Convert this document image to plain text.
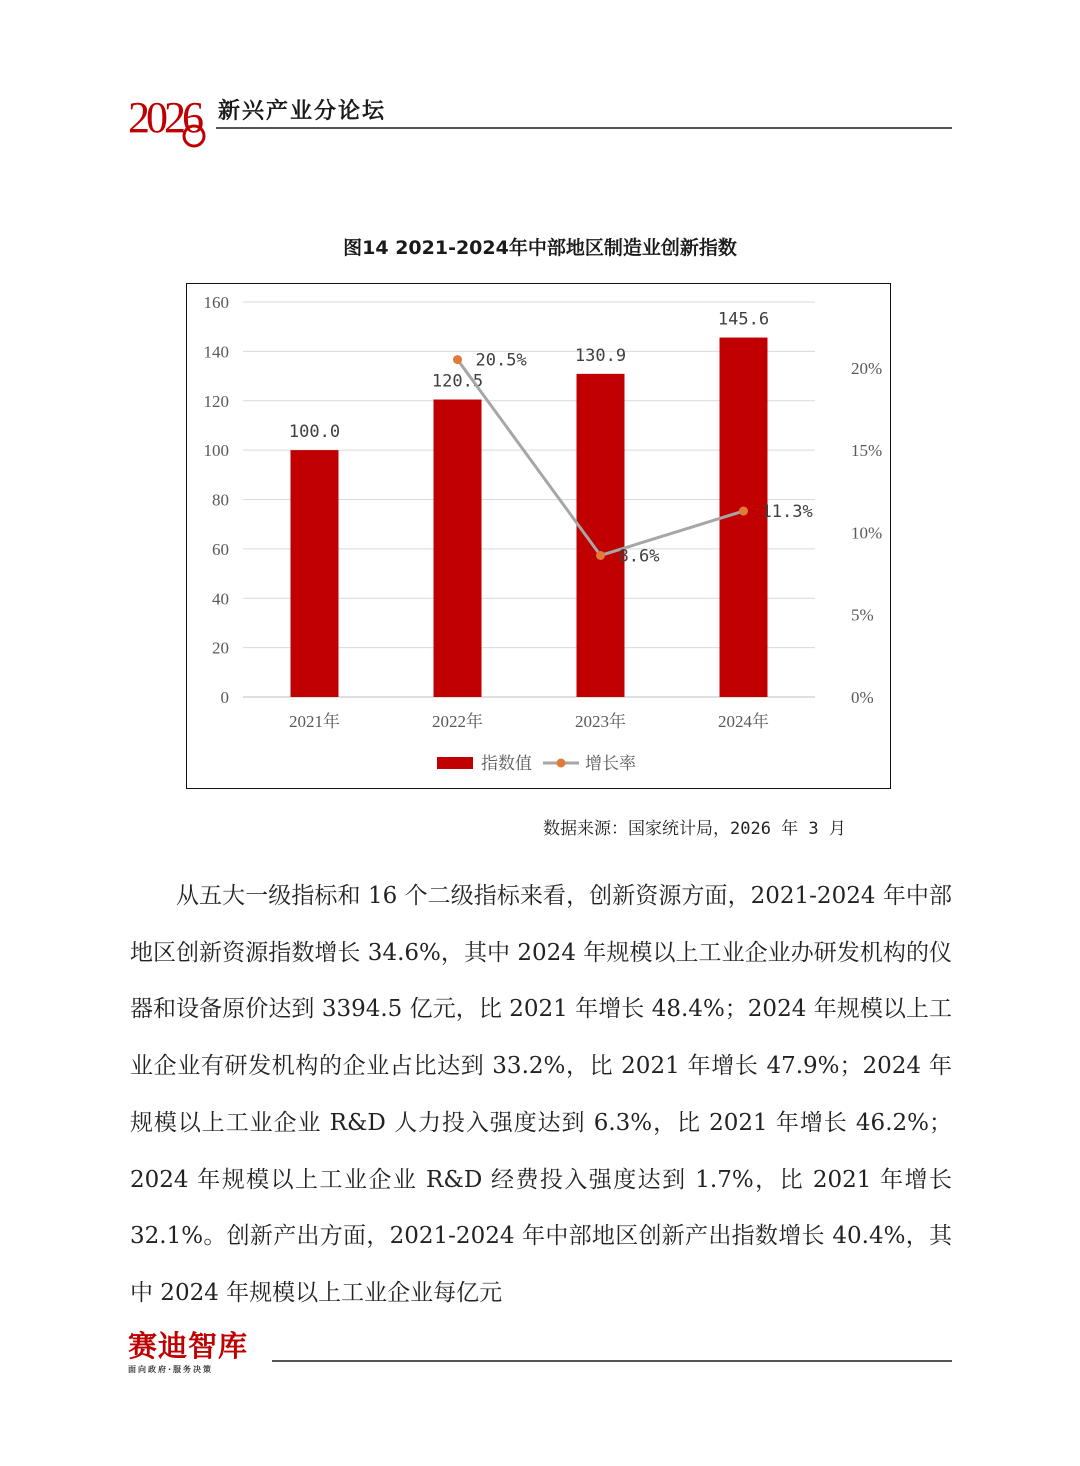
2026 新兴产业分论坛
图14 2021-2024年中部地区制造业创新指数
0
20
40
60
80
100
120
140
160
0%
5%
10%
15%
20%
100.0
120.5
130.9
145.6
2021年	2022年	2023年	2024年
20.5%
8.6%
11.3%
指数值	增长率
数据来源：国家统计局，2026 年 3 月

从五大一级指标和 16 个二级指标来看，创新资源方面，2021-2024 年中部地区创新资源指数增长 34.6%，其中 2024 年规模以上工业企业办研发机构的仪器和设备原价达到 3394.5 亿元，比 2021 年增长 48.4%；2024 年规模以上工业企业有研发机构的企业占比达到 33.2%，比 2021 年增长 47.9%；2024 年规模以上工业企业 R&D 人力投入强度达到 6.3%，比 2021 年增长 46.2%；2024 年规模以上工业企业 R&D 经费投入强度达到 1.7%，比 2021 年增长 32.1%。创新产出方面，2021-2024 年中部地区创新产出指数增长 40.4%，其中 2024 年规模以上工业企业每亿元

赛迪智库
面向政府·服务决策
